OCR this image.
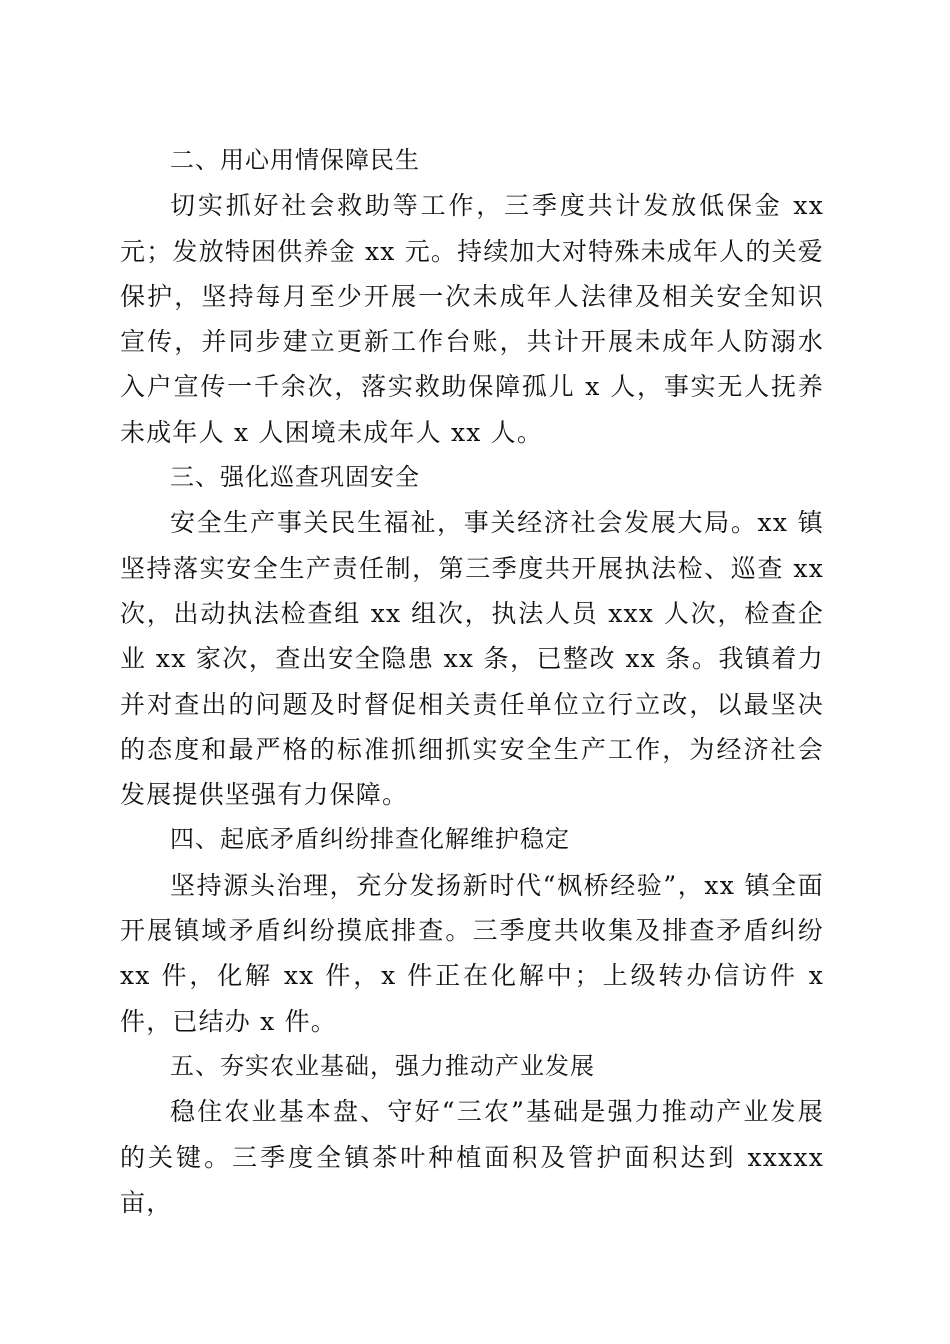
二、用心用情保障民生

切实抓好社会救助等工作，三季度共计发放低保金 xx 元；发放特困供养金 xx 元。持续加大对特殊未成年人的关爱保护，坚持每月至少开展一次未成年人法律及相关安全知识宣传，并同步建立更新工作台账，共计开展未成年人防溺水入户宣传一千余次，落实救助保障孤儿 x 人，事实无人抚养未成年人 x 人困境未成年人 xx 人。

三、强化巡查巩固安全

安全生产事关民生福祉，事关经济社会发展大局。xx 镇坚持落实安全生产责任制，第三季度共开展执法检、巡查 xx 次，出动执法检查组 xx 组次，执法人员 xxx 人次，检查企业 xx 家次，查出安全隐患 xx 条，已整改 xx 条。我镇着力并对查出的问题及时督促相关责任单位立行立改，以最坚决的态度和最严格的标准抓细抓实安全生产工作，为经济社会发展提供坚强有力保障。

四、起底矛盾纠纷排查化解维护稳定

坚持源头治理，充分发扬新时代“枫桥经验”，xx 镇全面开展镇域矛盾纠纷摸底排查。三季度共收集及排查矛盾纠纷 xx 件，化解 xx 件，x 件正在化解中；上级转办信访件 x 件，已结办 x 件。

五、夯实农业基础，强力推动产业发展

稳住农业基本盘、守好“三农”基础是强力推动产业发展的关键。三季度全镇茶叶种植面积及管护面积达到 xxxxx 亩，
